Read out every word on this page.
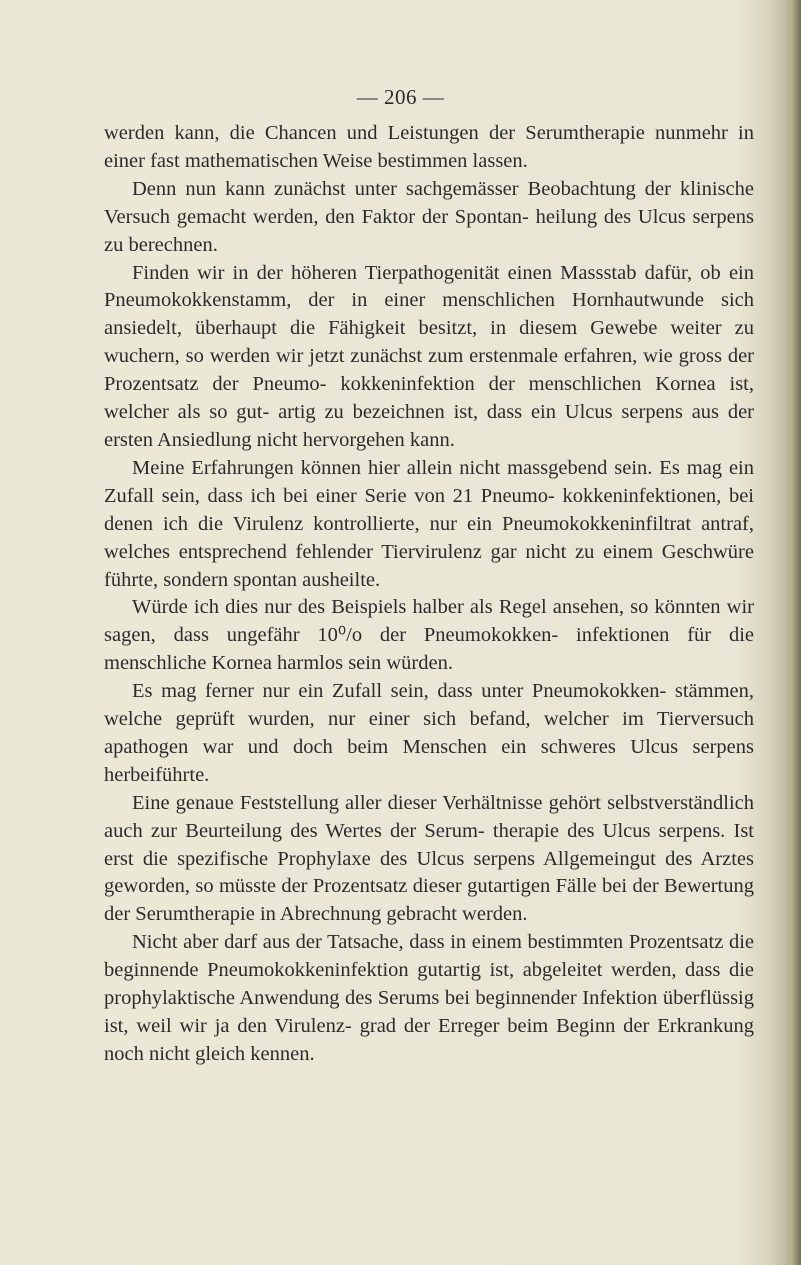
— 206 —

werden kann, die Chancen und Leistungen der Serumtherapie nunmehr in einer fast mathematischen Weise bestimmen lassen.

Denn nun kann zunächst unter sachgemässer Beobachtung der klinische Versuch gemacht werden, den Faktor der Spontan- heilung des Ulcus serpens zu berechnen.

Finden wir in der höheren Tierpathogenität einen Massstab dafür, ob ein Pneumokokkenstamm, der in einer menschlichen Hornhautwunde sich ansiedelt, überhaupt die Fähigkeit besitzt, in diesem Gewebe weiter zu wuchern, so werden wir jetzt zunächst zum erstenmale erfahren, wie gross der Prozentsatz der Pneumo- kokkeninfektion der menschlichen Kornea ist, welcher als so gut- artig zu bezeichnen ist, dass ein Ulcus serpens aus der ersten Ansiedlung nicht hervorgehen kann.

Meine Erfahrungen können hier allein nicht massgebend sein. Es mag ein Zufall sein, dass ich bei einer Serie von 21 Pneumo- kokkeninfektionen, bei denen ich die Virulenz kontrollierte, nur ein Pneumokokkeninfiltrat antraf, welches entsprechend fehlender Tiervirulenz gar nicht zu einem Geschwüre führte, sondern spontan ausheilte.

Würde ich dies nur des Beispiels halber als Regel ansehen, so könnten wir sagen, dass ungefähr 10⁰/o der Pneumokokken- infektionen für die menschliche Kornea harmlos sein würden.

Es mag ferner nur ein Zufall sein, dass unter Pneumokokken- stämmen, welche geprüft wurden, nur einer sich befand, welcher im Tierversuch apathogen war und doch beim Menschen ein schweres Ulcus serpens herbeiführte.

Eine genaue Feststellung aller dieser Verhältnisse gehört selbstverständlich auch zur Beurteilung des Wertes der Serum- therapie des Ulcus serpens. Ist erst die spezifische Prophylaxe des Ulcus serpens Allgemeingut des Arztes geworden, so müsste der Prozentsatz dieser gutartigen Fälle bei der Bewertung der Serumtherapie in Abrechnung gebracht werden.

Nicht aber darf aus der Tatsache, dass in einem bestimmten Prozentsatz die beginnende Pneumokokkeninfektion gutartig ist, abgeleitet werden, dass die prophylaktische Anwendung des Serums bei beginnender Infektion überflüssig ist, weil wir ja den Virulenz- grad der Erreger beim Beginn der Erkrankung noch nicht gleich kennen.
